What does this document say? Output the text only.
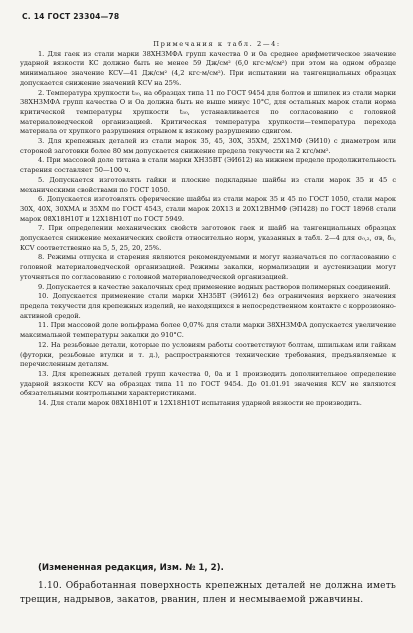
С. 14 ГОСТ 23304—78

Примечания к табл. 2—4:

1. Для гаек из стали марки 38ХН3МФА групп качества 0 и 0а среднее арифметическое значение ударной вязкости KC должно быть не менее 59 Дж/см² (6,0 кгс·м/см²) при этом на одном образце минимальное значение KCV—41 Дж/см² (4,2 кгс·м/см²). При испытании на тангенциальных образцах допускается снижение значений KCV на 25%.

2. Температура хрупкости t₅₀, на образцах типа 11 по ГОСТ 9454 для болтов и шпилек из стали марки 38ХН3МФА групп качества О и Оа должна быть не выше минус 10°С, для остальных марок стали норма критической температуры хрупкости t₅₀, устанавливается по согласованию с головной материаловедческой организацией. Критическая температура хрупкости—температура перехода материала от хрупкого разрушения отрывом к вязкому разрушению сдвигом.

3. Для крепежных деталей из стали марок 35, 45, 30Х, 35ХМ, 25Х1МФ (ЭИ10) с диаметром или стороной заготовки более 80 мм допускается снижение предела текучести на 2 кгс/мм².

4. При массовой доле титана в стали марки ХН35ВТ (ЭИ612) на нижнем пределе продолжительность старения составляет 50—100 ч.

5. Допускается изготовлять гайки и плоские подкладные шайбы из стали марок 35 и 45 с механическими свойствами по ГОСТ 1050.

6. Допускается изготовлять сферические шайбы из стали марок 35 и 45 по ГОСТ 1050, стали марок 30Х, 40Х, 30ХМА и 35ХМ по ГОСТ 4543, стали марок 20Х13 и 20Х12ВНМФ (ЭП428) по ГОСТ 18968 стали марок 08Х18Н10Т и 12Х18Н10Т по ГОСТ 5949.

7. При определении механических свойств заготовок гаек и шайб на тангенциальных образцах допускается снижение механических свойств относительно норм, указанных в табл. 2—4 для σ₀,₂, σв, δ₅, KCV соответственно на 5, 5, 25, 20, 25%.

8. Режимы отпуска и старения являются рекомендуемыми и могут назначаться по согласованию с головной материаловедческой организацией. Режимы закалки, нормализации и аустенизации могут уточняться по согласованию с головной материаловедческой организацией.

9. Допускается в качестве закалочных сред применение водных растворов полимерных соединений.

10. Допускается применение стали марки ХН35ВТ (ЭИ612) без ограничения верхнего значения предела текучести для крепежных изделий, не находящихся в непосредственном контакте с коррозионно-активной средой.

11. При массовой доле вольфрама более 0,07% для стали марки 38ХН3МФА допускается увеличение максимальной температуры закалки до 910°С.

12. На резьбовые детали, которые по условиям работы соответствуют болтам, шпилькам или гайкам (футорки, резьбовые втулки и т. д.), распространяются технические требования, предъявляемые к перечисленным деталям.

13. Для крепежных деталей групп качества 0, 0а и 1 производить дополнительное определение ударной вязкости KCV на образцах типа 11 по ГОСТ 9454. До 01.01.91 значения KCV не являются обязательными контрольными характеристиками.

14. Для стали марок 08Х18Н10Т и 12Х18Н10Т испытания ударной вязкости не производить.

(Измененная редакция, Изм. № 1, 2).

1.10. Обработанная поверхность крепежных деталей не должна иметь трещин, надрывов, закатов, рванин, плен и несмываемой ржавчины.
